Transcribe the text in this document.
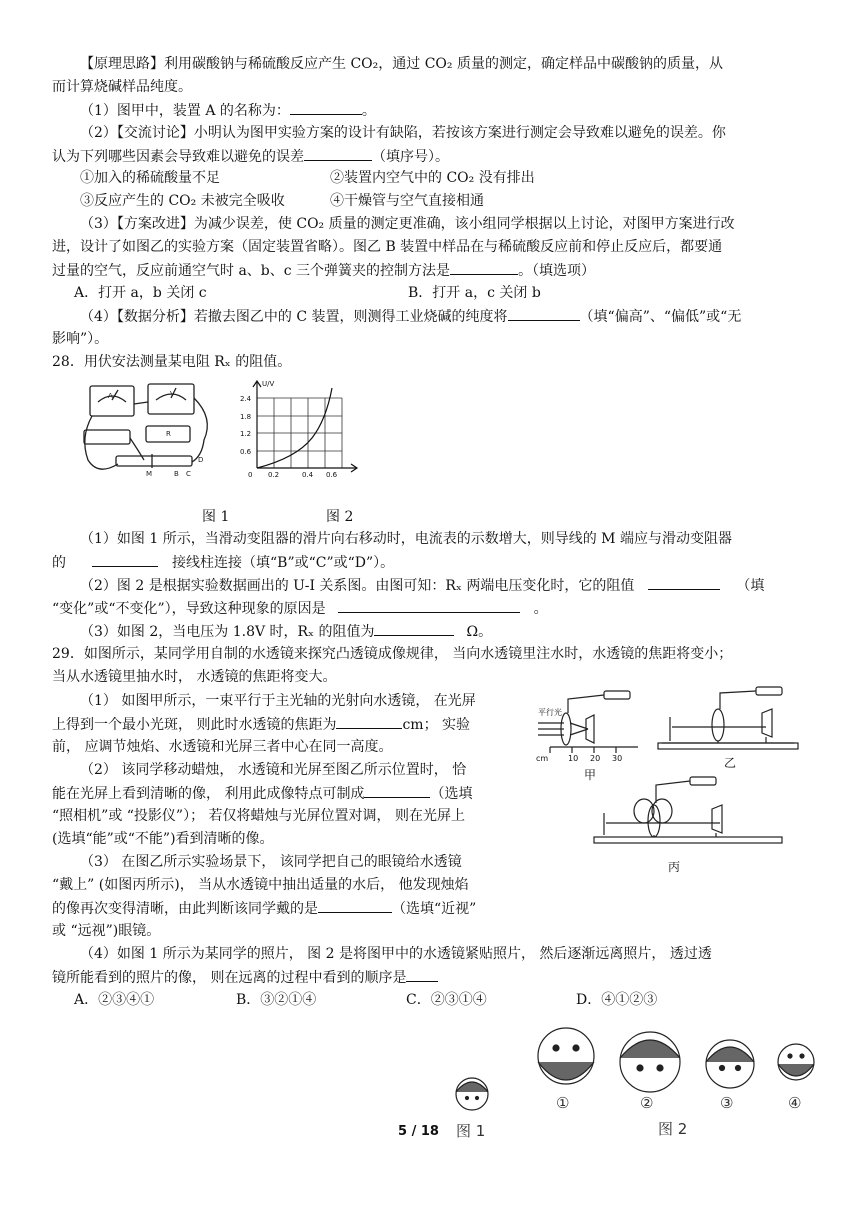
【原理思路】利用碳酸钠与稀硫酸反应产生 CO₂，通过 CO₂ 质量的测定，确定样品中碳酸钠的质量，从
而计算烧碱样品纯度。
（1）图甲中，装置 A 的名称为：	。
（2）【交流讨论】小明认为图甲实验方案的设计有缺陷，若按该方案进行测定会导致难以避免的误差。你
认为下列哪些因素会导致难以避免的误差	（填序号）。
①加入的稀硫酸量不足	②装置内空气中的 CO₂ 没有排出
③反应产生的 CO₂ 未被完全吸收	④干燥管与空气直接相通
（3）【方案改进】为减少误差，使 CO₂ 质量的测定更准确，该小组同学根据以上讨论，对图甲方案进行改
进，设计了如图乙的实验方案（固定装置省略）。图乙 B 装置中样品在与稀硫酸反应前和停止反应后，都要通
过量的空气，反应前通空气时 a、b、c 三个弹簧夹的控制方法是	。（填选项）
A．打开 a，b 关闭 c	B．打开 a，c 关闭 b
（4）【数据分析】若撤去图乙中的 C 装置，则测得工业烧碱的纯度将	（填“偏高”、“偏低”或“无
影响”）。
28．用伏安法测量某电阻 Rₓ 的阻值。
A	V
R
M	B C
D
U/V
2.4
1.8
1.2
0.6
0 0.2	0.4 0.6
图 1	图 2
（1）如图 1 所示，当滑动变阻器的滑片向右移动时，电流表的示数增大，则导线的 M 端应与滑动变阻器
的	接线柱连接（填“B”或“C”或“D”）。
（2）图 2 是根据实验数据画出的 U-I 关系图。由图可知：Rₓ 两端电压变化时，它的阻值	（填
“变化”或“不变化”），导致这种现象的原因是	。
（3）如图 2，当电压为 1.8V 时，Rₓ 的阻值为	Ω。
29．如图所示，某同学用自制的水透镜来探究凸透镜成像规律， 当向水透镜里注水时，水透镜的焦距将变小；
当从水透镜里抽水时， 水透镜的焦距将变大。
（1） 如图甲所示，一束平行于主光轴的光射向水透镜， 在光屏
上得到一个最小光斑， 则此时水透镜的焦距为	cm； 实验
前， 应调节烛焰、水透镜和光屏三者中心在同一高度。
（2） 该同学移动蜡烛， 水透镜和光屏至图乙所示位置时， 恰
能在光屏上看到清晰的像， 利用此成像特点可制成	（选填
“照相机”或 “投影仪”）； 若仅将蜡烛与光屏位置对调， 则在光屏上
(选填“能”或“不能”)看到清晰的像。
（3） 在图乙所示实验场景下， 该同学把自己的眼镜给水透镜
“戴上” (如图丙所示)， 当从水透镜中抽出适量的水后， 他发现烛焰
的像再次变得清晰，由此判断该同学戴的是	（选填“近视”
或 “远视”)眼镜。
（4）如图 1 所示为某同学的照片， 图 2 是将图甲中的水透镜紧贴照片， 然后逐渐远离照片， 透过透
镜所能看到的照片的像， 则在远离的过程中看到的顺序是
A．②③④①	B．③②①④	C．②③①④	D．④①②③
平行光
cm 10 20 30
甲
乙
丙
①	②	③	④
图 1	图 2
5 / 18
